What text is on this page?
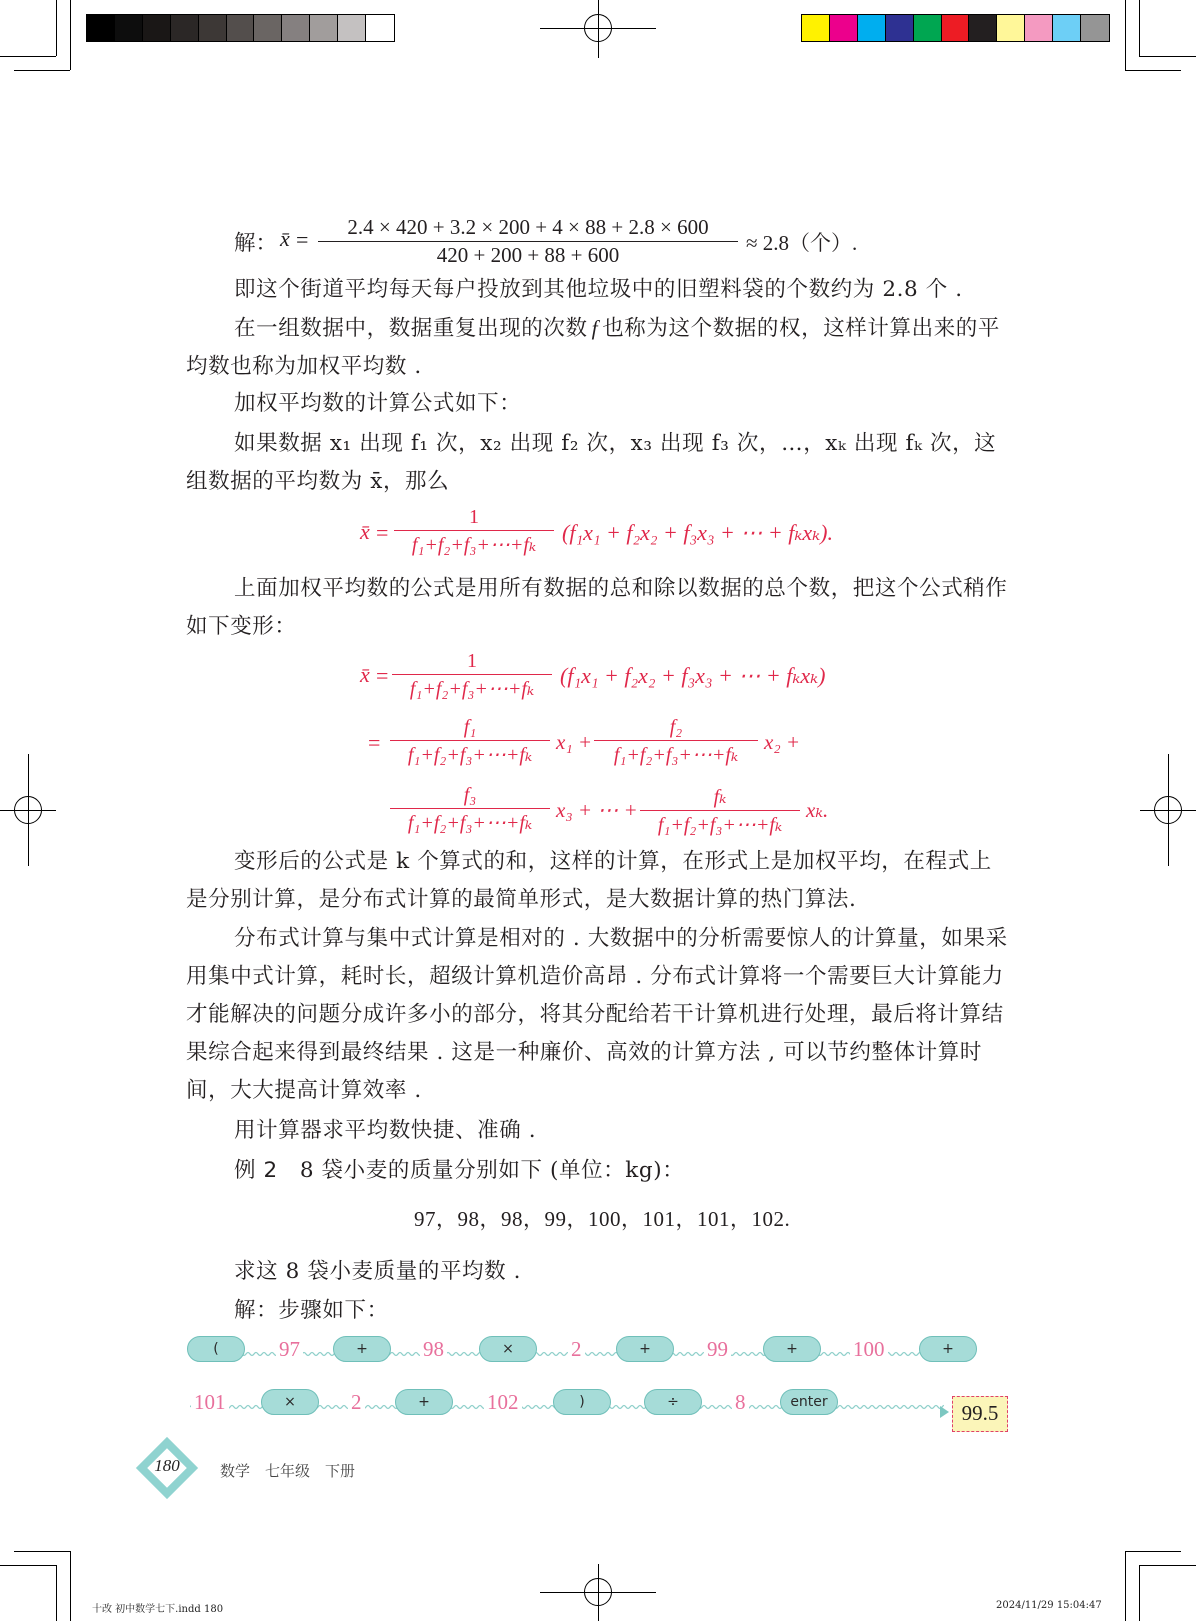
解： x̄ = $\frac{2.4 \times 420 + 3.2 \times 200 + 4 \times 88 + 2.8 \times 600}{420 + 200 + 88 + 600} \approx 2.8$（个）.
即这个街道平均每天每户投放到其他垃圾中的旧塑料袋的个数约为 2.8 个 .
在一组数据中，数据重复出现的次数 f 也称为这个数据的权，这样计算出来的平均数也称为加权平均数 .
加权平均数的计算公式如下：
如果数据 x₁ 出现 f₁ 次，x₂ 出现 f₂ 次，x₃ 出现 f₃ 次，…，xₖ 出现 fₖ 次，这组数据的平均数为 x̄，那么
x̄ = $\frac{1}{\text{f₁+f₂+f₃+⋯+fₖ}} (f_1x_1 + f_2x_2 + f_3x_3$ + ⋯ + fₖxₖ).
上面加权平均数的公式是用所有数据的总和除以数据的总个数，把这个公式稍作如下变形：
x̄ = $\frac{1}{\text{f₁+f₂+f₃+⋯+fₖ}} (f_1x_1 + f_2x_2 + f_3x_3$ + ⋯ + fₖxₖ)
= $\frac{\text{f₁}}{\text{f₁+f₂+f₃+⋯+fₖ}} x_1 + \frac{\text{f₂}}{\text{f₁+f₂+f₃+⋯+fₖ}} x_2$ +
$\frac{\text{f₃}}{\text{f₁+f₂+f₃+⋯+fₖ}} x_3$ + ⋯ + $\frac{\text{fₖ}}{\text{f₁+f₂+f₃+⋯+fₖ}} x_k$.
变形后的公式是 k 个算式的和，这样的计算，在形式上是加权平均，在程式上是分别计算，是分布式计算的最简单形式，是大数据计算的热门算法.
分布式计算与集中式计算是相对的 . 大数据中的分析需要惊人的计算量，如果采用集中式计算，耗时长，超级计算机造价高昂 . 分布式计算将一个需要巨大计算能力才能解决的问题分成许多小的部分，将其分配给若干计算机进行处理，最后将计算结果综合起来得到最终结果 . 这是一种廉价、高效的计算方法 , 可以节约整体计算时间，大大提高计算效率 .
用计算器求平均数快捷、准确 .
例 2 8 袋小麦的质量分别如下 (单位：kg)：
97，98，98，99，100，101，101，102.
求这 8 袋小麦质量的平均数 .
解：步骤如下：
(	97	+	98	×	2	+	99	+	100	+
101	×	2	+	102	)	÷	8	enter	99.5
180	数学　七年级　下册
十改 初中数学七下.indd 180	2024/11/29 15:04:47
